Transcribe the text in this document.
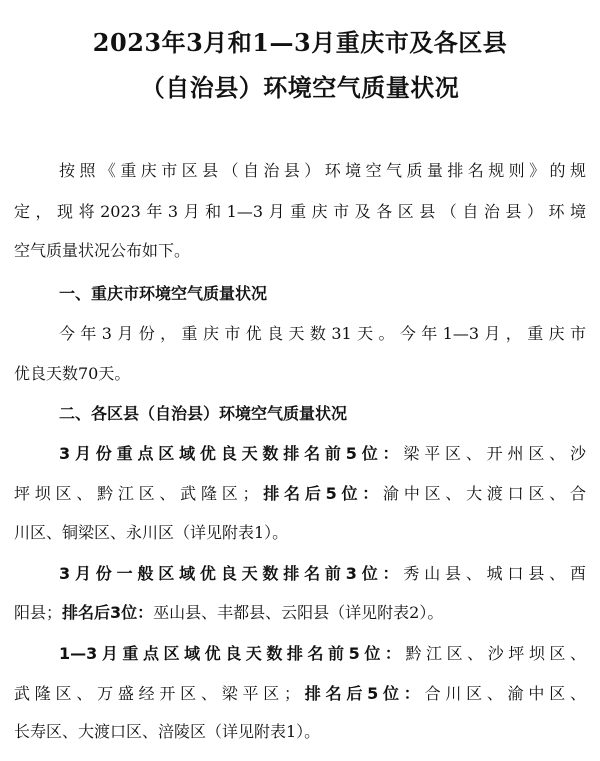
2023年3月和1—3月重庆市及各区县
（自治县）环境空气质量状况
按照《重庆市区县（自治县）环境空气质量排名规则》的规
定，现将2023年3月和1—3月重庆市及各区县（自治县）环境
空气质量状况公布如下。
一、重庆市环境空气质量状况
今年3月份，重庆市优良天数31天。今年1—3月，重庆市
优良天数70天。
二、各区县（自治县）环境空气质量状况
3月份重点区域优良天数排名前5位：梁平区、开州区、沙
坪坝区、黔江区、武隆区；排名后5位：渝中区、大渡口区、合
川区、铜梁区、永川区（详见附表1）。
3月份一般区域优良天数排名前3位：秀山县、城口县、酉
阳县；排名后3位：巫山县、丰都县、云阳县（详见附表2）。
1—3月重点区域优良天数排名前5位：黔江区、沙坪坝区、
武隆区、万盛经开区、梁平区；排名后5位：合川区、渝中区、
长寿区、大渡口区、涪陵区（详见附表1）。
